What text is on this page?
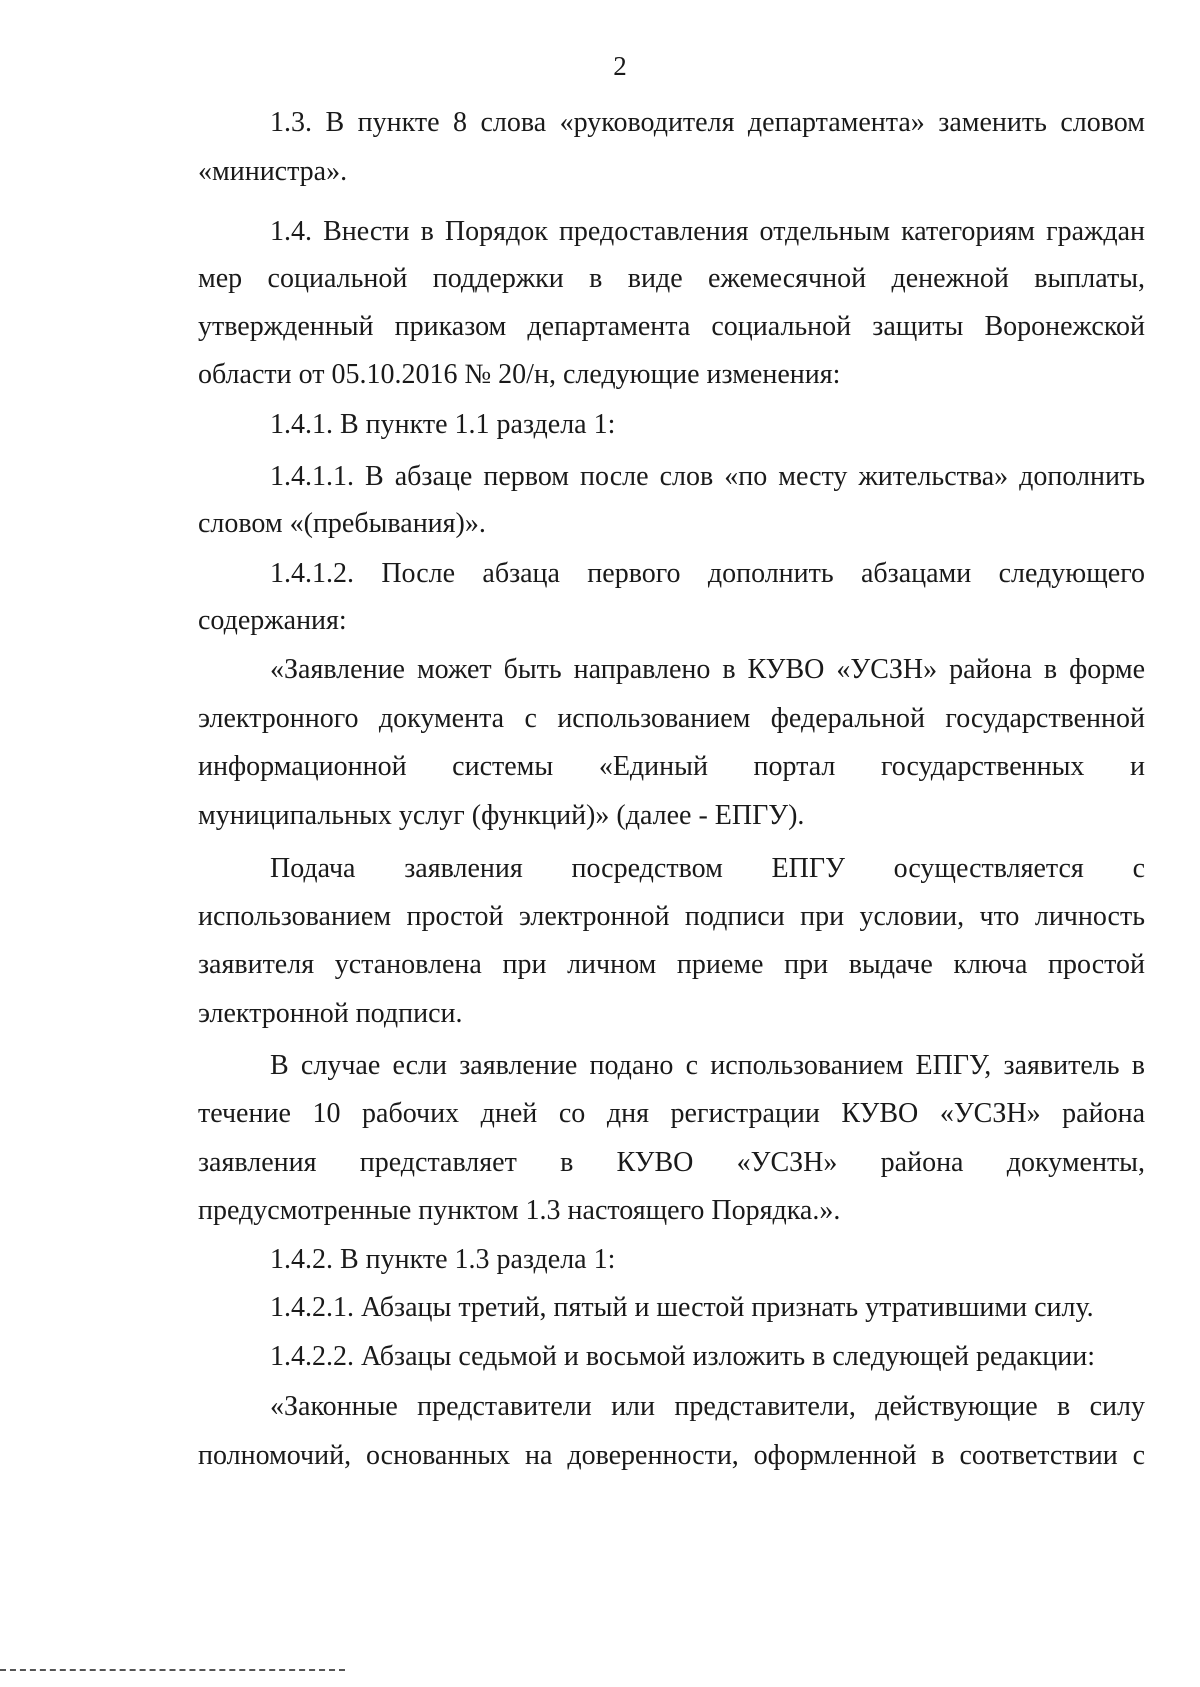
2
1.3. В пункте 8 слова «руководителя департамента» заменить словом
«министра».
1.4. Внести в Порядок предоставления отдельным категориям граждан
мер социальной поддержки в виде ежемесячной денежной выплаты,
утвержденный приказом департамента социальной защиты Воронежской
области от 05.10.2016 № 20/н, следующие изменения:
1.4.1. В пункте 1.1 раздела 1:
1.4.1.1. В абзаце первом после слов «по месту жительства» дополнить
словом «(пребывания)».
1.4.1.2. После абзаца первого дополнить абзацами следующего
содержания:
«Заявление может быть направлено в КУВО «УСЗН» района в форме
электронного документа с использованием федеральной государственной
информационной системы «Единый портал государственных и
муниципальных услуг (функций)» (далее - ЕПГУ).
Подача заявления посредством ЕПГУ осуществляется с
использованием простой электронной подписи при условии, что личность
заявителя установлена при личном приеме при выдаче ключа простой
электронной подписи.
В случае если заявление подано с использованием ЕПГУ, заявитель в
течение 10 рабочих дней со дня регистрации КУВО «УСЗН» района
заявления представляет в КУВО «УСЗН» района документы,
предусмотренные пунктом 1.3 настоящего Порядка.».
1.4.2. В пункте 1.3 раздела 1:
1.4.2.1. Абзацы третий, пятый и шестой признать утратившими силу.
1.4.2.2. Абзацы седьмой и восьмой изложить в следующей редакции:
«Законные представители или представители, действующие в силу
полномочий, основанных на доверенности, оформленной в соответствии с
